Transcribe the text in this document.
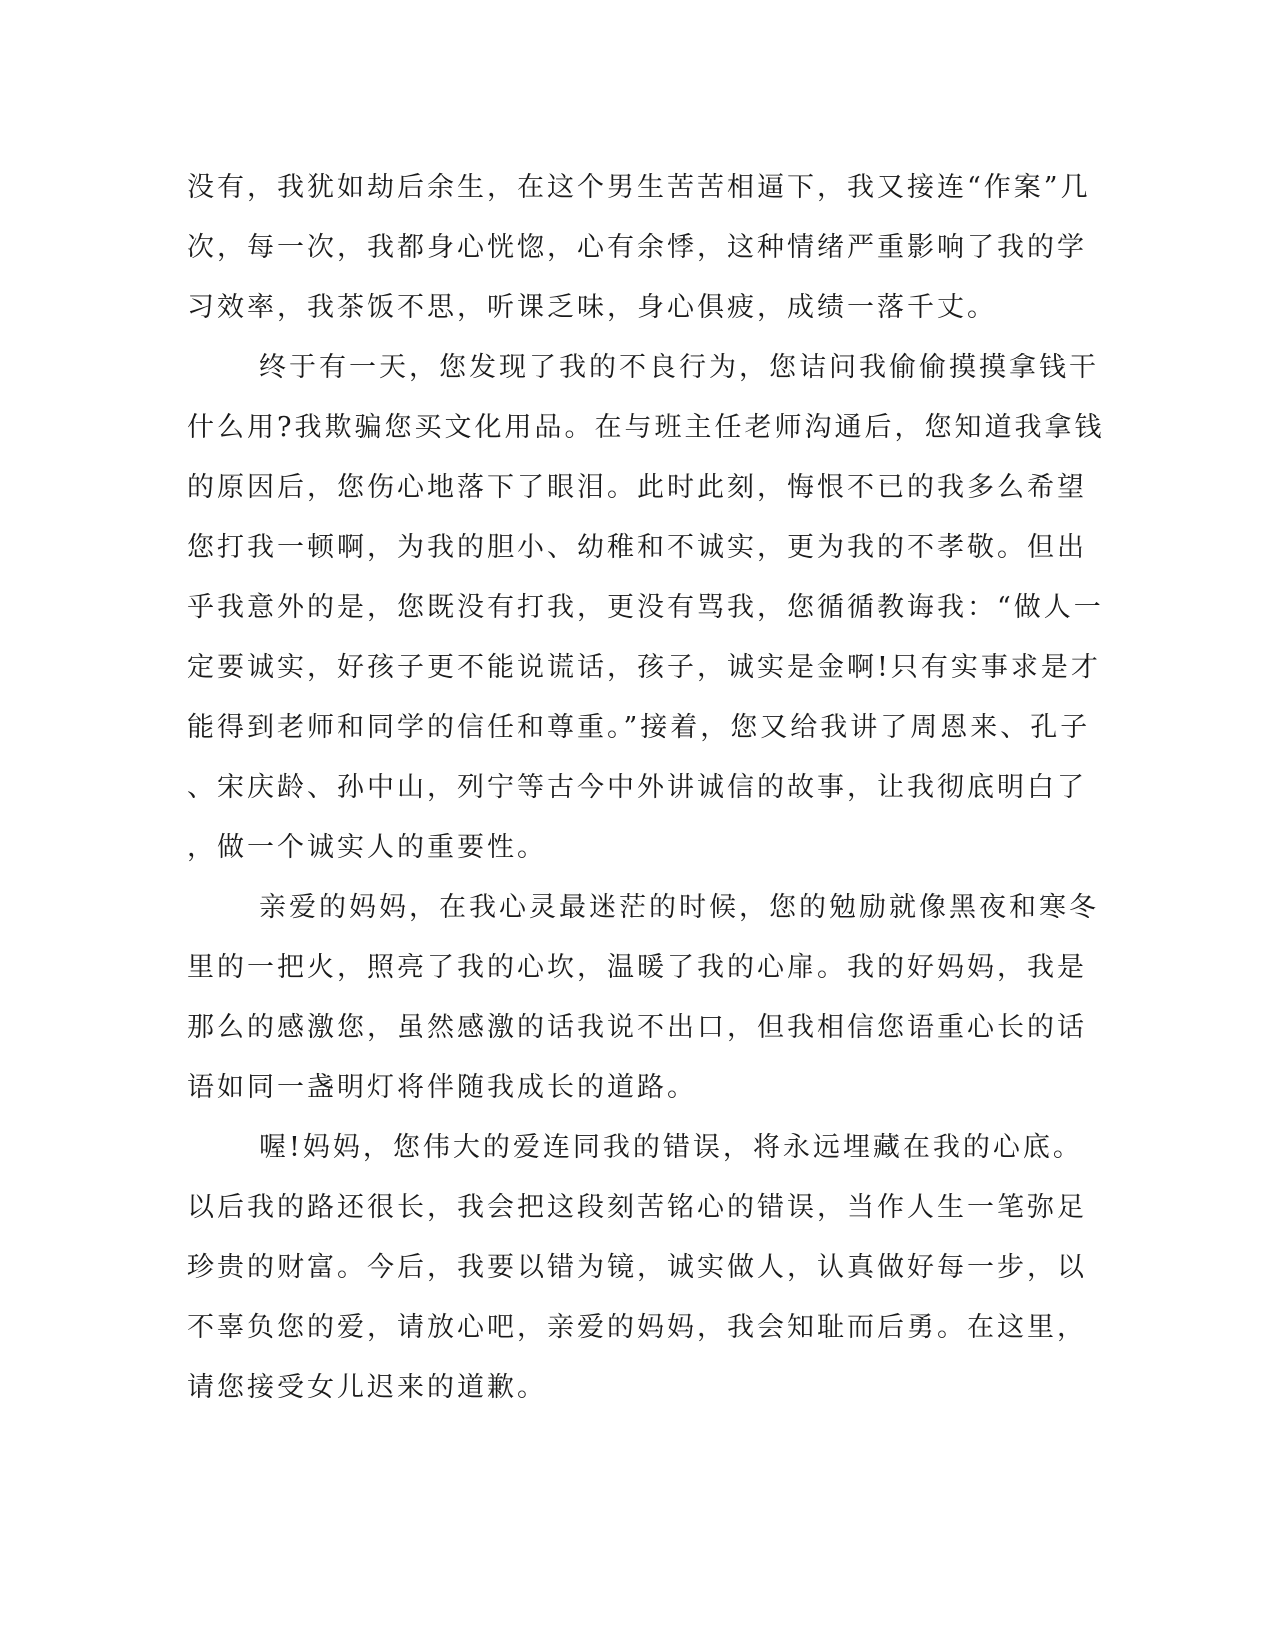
没有，我犹如劫后余生，在这个男生苦苦相逼下，我又接连“作案”几
次，每一次，我都身心恍惚，心有余悸，这种情绪严重影响了我的学
习效率，我茶饭不思，听课乏味，身心俱疲，成绩一落千丈。
终于有一天，您发现了我的不良行为，您诘问我偷偷摸摸拿钱干
什么用?我欺骗您买文化用品。在与班主任老师沟通后，您知道我拿钱
的原因后，您伤心地落下了眼泪。此时此刻，悔恨不已的我多么希望
您打我一顿啊，为我的胆小、幼稚和不诚实，更为我的不孝敬。但出
乎我意外的是，您既没有打我，更没有骂我，您循循教诲我：“做人一
定要诚实，好孩子更不能说谎话，孩子，诚实是金啊!只有实事求是才
能得到老师和同学的信任和尊重。”接着，您又给我讲了周恩来、孔子
、宋庆龄、孙中山，列宁等古今中外讲诚信的故事，让我彻底明白了
，做一个诚实人的重要性。
亲爱的妈妈，在我心灵最迷茫的时候，您的勉励就像黑夜和寒冬
里的一把火，照亮了我的心坎，温暖了我的心扉。我的好妈妈，我是
那么的感激您，虽然感激的话我说不出口，但我相信您语重心长的话
语如同一盏明灯将伴随我成长的道路。
喔!妈妈，您伟大的爱连同我的错误，将永远埋藏在我的心底。
以后我的路还很长，我会把这段刻苦铭心的错误，当作人生一笔弥足
珍贵的财富。今后，我要以错为镜，诚实做人，认真做好每一步，以
不辜负您的爱，请放心吧，亲爱的妈妈，我会知耻而后勇。在这里，
请您接受女儿迟来的道歉。
